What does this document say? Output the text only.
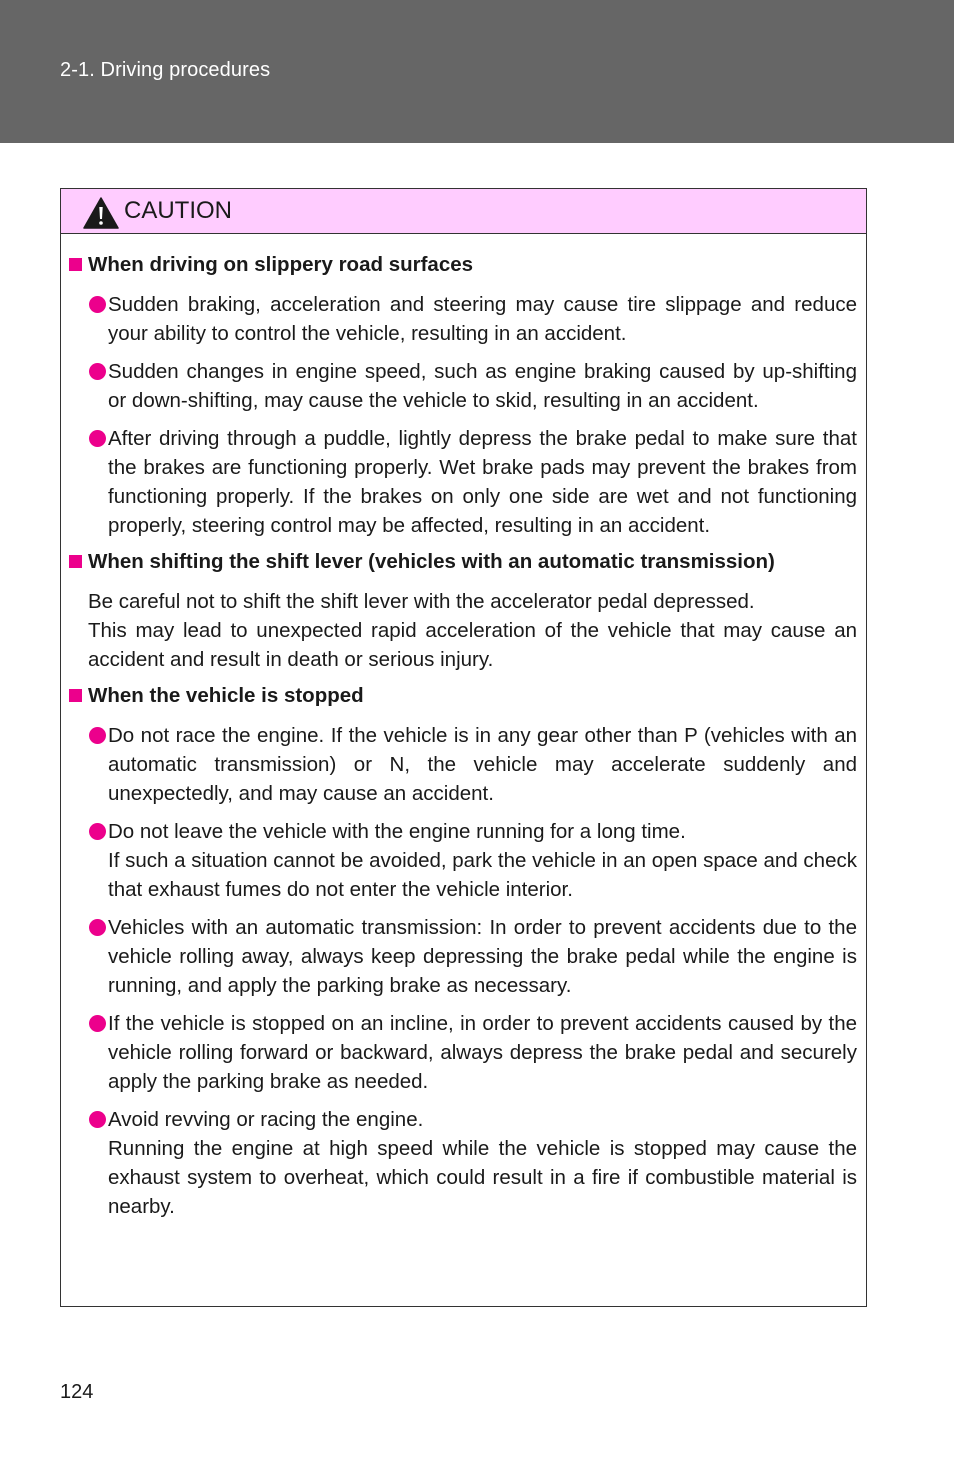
2-1. Driving procedures
CAUTION
When driving on slippery road surfaces

Sudden braking, acceleration and steering may cause tire slippage and reduce your ability to control the vehicle, resulting in an accident.

Sudden changes in engine speed, such as engine braking caused by up-shifting or down-shifting, may cause the vehicle to skid, resulting in an accident.

After driving through a puddle, lightly depress the brake pedal to make sure that the brakes are functioning properly. Wet brake pads may prevent the brakes from functioning properly. If the brakes on only one side are wet and not functioning properly, steering control may be affected, resulting in an accident.

When shifting the shift lever (vehicles with an automatic transmission)

Be careful not to shift the shift lever with the accelerator pedal depressed.

This may lead to unexpected rapid acceleration of the vehicle that may cause an accident and result in death or serious injury.

When the vehicle is stopped

Do not race the engine. If the vehicle is in any gear other than P (vehicles with an automatic transmission) or N, the vehicle may accelerate suddenly and unexpectedly, and may cause an accident.

Do not leave the vehicle with the engine running for a long time.

If such a situation cannot be avoided, park the vehicle in an open space and check that exhaust fumes do not enter the vehicle interior.

Vehicles with an automatic transmission: In order to prevent accidents due to the vehicle rolling away, always keep depressing the brake pedal while the engine is running, and apply the parking brake as necessary.

If the vehicle is stopped on an incline, in order to prevent accidents caused by the vehicle rolling forward or backward, always depress the brake pedal and securely apply the parking brake as needed.

Avoid revving or racing the engine.

Running the engine at high speed while the vehicle is stopped may cause the exhaust system to overheat, which could result in a fire if combustible material is nearby.

124
